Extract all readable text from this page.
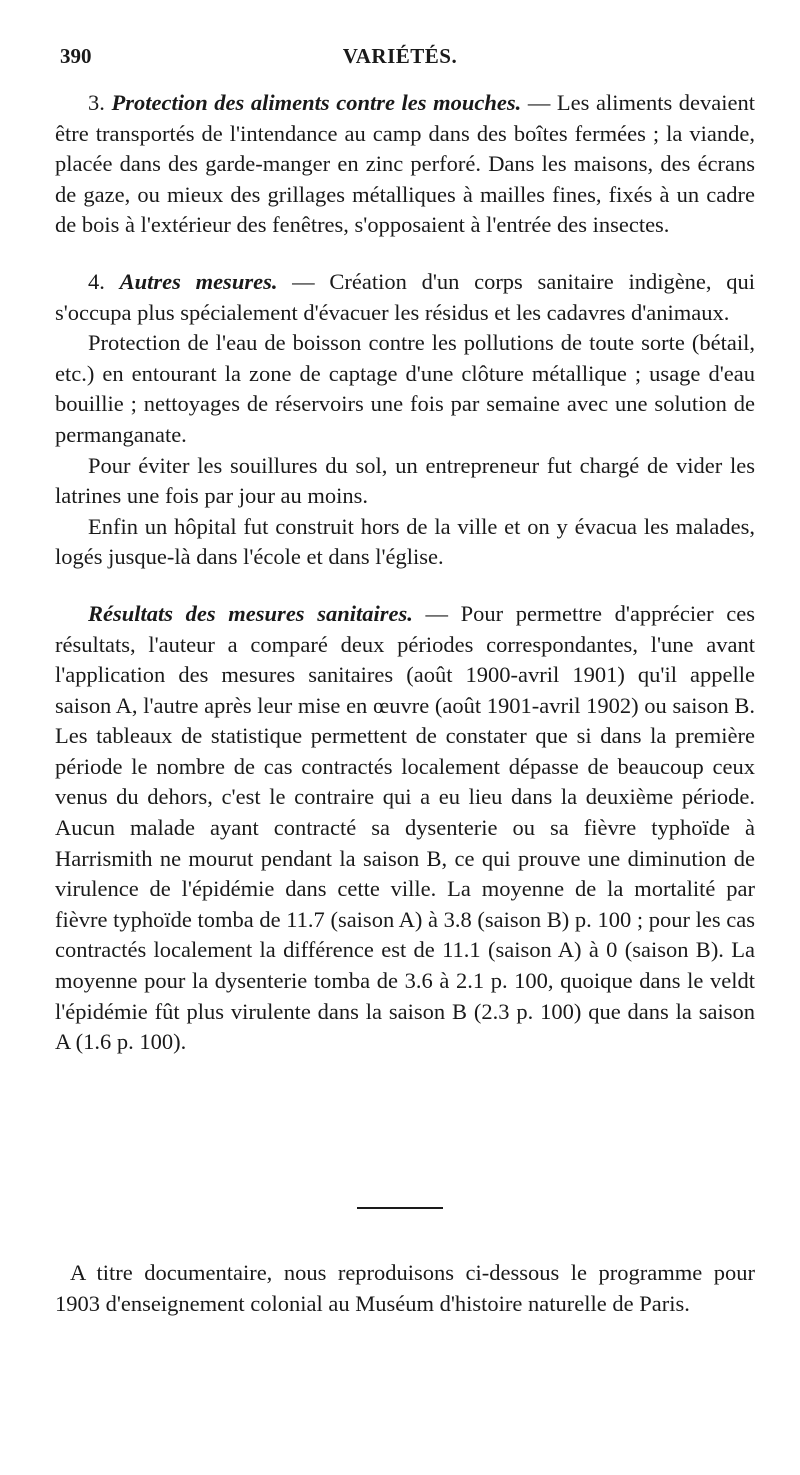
390	VARIÉTÉS.

3. Protection des aliments contre les mouches. — Les aliments devaient être transportés de l'intendance au camp dans des boîtes fermées ; la viande, placée dans des garde-manger en zinc perforé. Dans les maisons, des écrans de gaze, ou mieux des grillages métalliques à mailles fines, fixés à un cadre de bois à l'extérieur des fenêtres, s'opposaient à l'entrée des insectes.

4. Autres mesures. — Création d'un corps sanitaire indigène, qui s'occupa plus spécialement d'évacuer les résidus et les cadavres d'animaux.

Protection de l'eau de boisson contre les pollutions de toute sorte (bétail, etc.) en entourant la zone de captage d'une clôture métallique ; usage d'eau bouillie ; nettoyages de réservoirs une fois par semaine avec une solution de permanganate.

Pour éviter les souillures du sol, un entrepreneur fut chargé de vider les latrines une fois par jour au moins.

Enfin un hôpital fut construit hors de la ville et on y évacua les malades, logés jusque-là dans l'école et dans l'église.

Résultats des mesures sanitaires. — Pour permettre d'apprécier ces résultats, l'auteur a comparé deux périodes correspondantes, l'une avant l'application des mesures sanitaires (août 1900-avril 1901) qu'il appelle saison A, l'autre après leur mise en œuvre (août 1901-avril 1902) ou saison B. Les tableaux de statistique permettent de constater que si dans la première période le nombre de cas contractés localement dépasse de beaucoup ceux venus du dehors, c'est le contraire qui a eu lieu dans la deuxième période. Aucun malade ayant contracté sa dysenterie ou sa fièvre typhoïde à Harrismith ne mourut pendant la saison B, ce qui prouve une diminution de virulence de l'épidémie dans cette ville. La moyenne de la mortalité par fièvre typhoïde tomba de 11.7 (saison A) à 3.8 (saison B) p. 100 ; pour les cas contractés localement la différence est de 11.1 (saison A) à 0 (saison B). La moyenne pour la dysenterie tomba de 3.6 à 2.1 p. 100, quoique dans le veldt l'épidémie fût plus virulente dans la saison B (2.3 p. 100) que dans la saison A (1.6 p. 100).

A titre documentaire, nous reproduisons ci-dessous le programme pour 1903 d'enseignement colonial au Muséum d'histoire naturelle de Paris.
